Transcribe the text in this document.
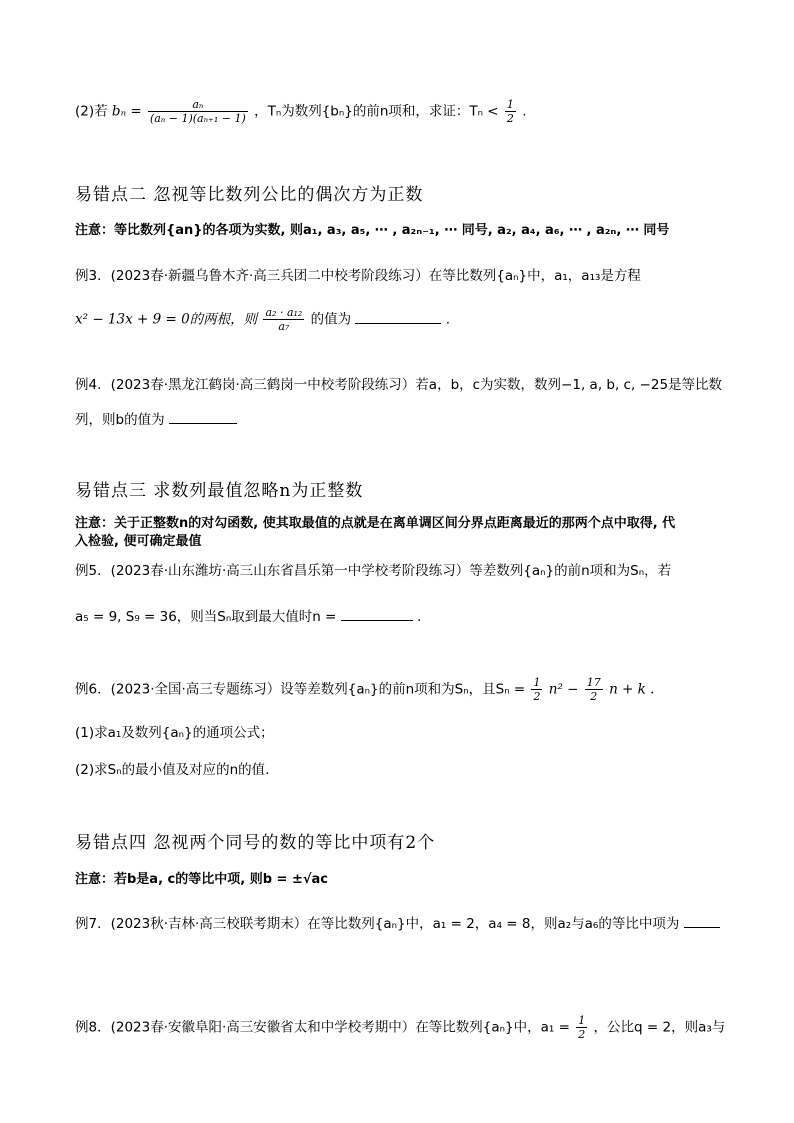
(2)若 $b_n = \frac{\text{aₙ}}{\text{(aₙ − 1)(aₙ₊₁ − 1)}}$ ，Tₙ为数列{bₙ}的前n项和，求证：$T_n < \frac{1}{2}$ .
易错点二 忽视等比数列公比的偶次方为正数
注意：等比数列{an}的各项为实数, 则a₁, a₃, a₅, ⋯ , a₂ₙ₋₁, ⋯ 同号, a₂, a₄, a₆, ⋯ , a₂ₙ, ⋯ 同号
例3．(2023春·新疆乌鲁木齐·高三兵团二中校考阶段练习）在等比数列{aₙ}中，a₁，a₁₃是方程
x² − 13x + 9 = 0的两根，则 $\frac{\text{a₂ · a₁₂}}{\text{a₇}}$ 的值为	.
例4．(2023春·黑龙江鹤岗·高三鹤岗一中校考阶段练习）若a，b，c为实数，数列−1, a, b, c, −25是等比数
列，则b的值为
易错点三 求数列最值忽略n为正整数
注意：关于正整数n的对勾函数, 使其取最值的点就是在离单调区间分界点距离最近的那两个点中取得, 代
入检验, 便可确定最值
例5．(2023春·山东潍坊·高三山东省昌乐第一中学校考阶段练习）等差数列{aₙ}的前n项和为Sₙ，若
a₅ = 9, S₉ = 36，则当Sₙ取到最大值时n =	.
例6．(2023·全国·高三专题练习）设等差数列{aₙ}的前n项和为Sₙ，且$S_n = \frac{1}{2} n^2 - \frac{17}{2}$ n + k .
(1)求a₁及数列{aₙ}的通项公式；
(2)求Sₙ的最小值及对应的n的值.
易错点四 忽视两个同号的数的等比中项有2个
注意：若b是a, c的等比中项, 则b = ±√ac
例7．(2023秋·吉林·高三校联考期末）在等比数列{aₙ}中，a₁ = 2，a₄ = 8，则a₂与a₆的等比中项为
例8．(2023春·安徽阜阳·高三安徽省太和中学校考期中）在等比数列{aₙ}中，$a_1 = \frac{1}{2}$ ，公比q = 2，则a₃与
